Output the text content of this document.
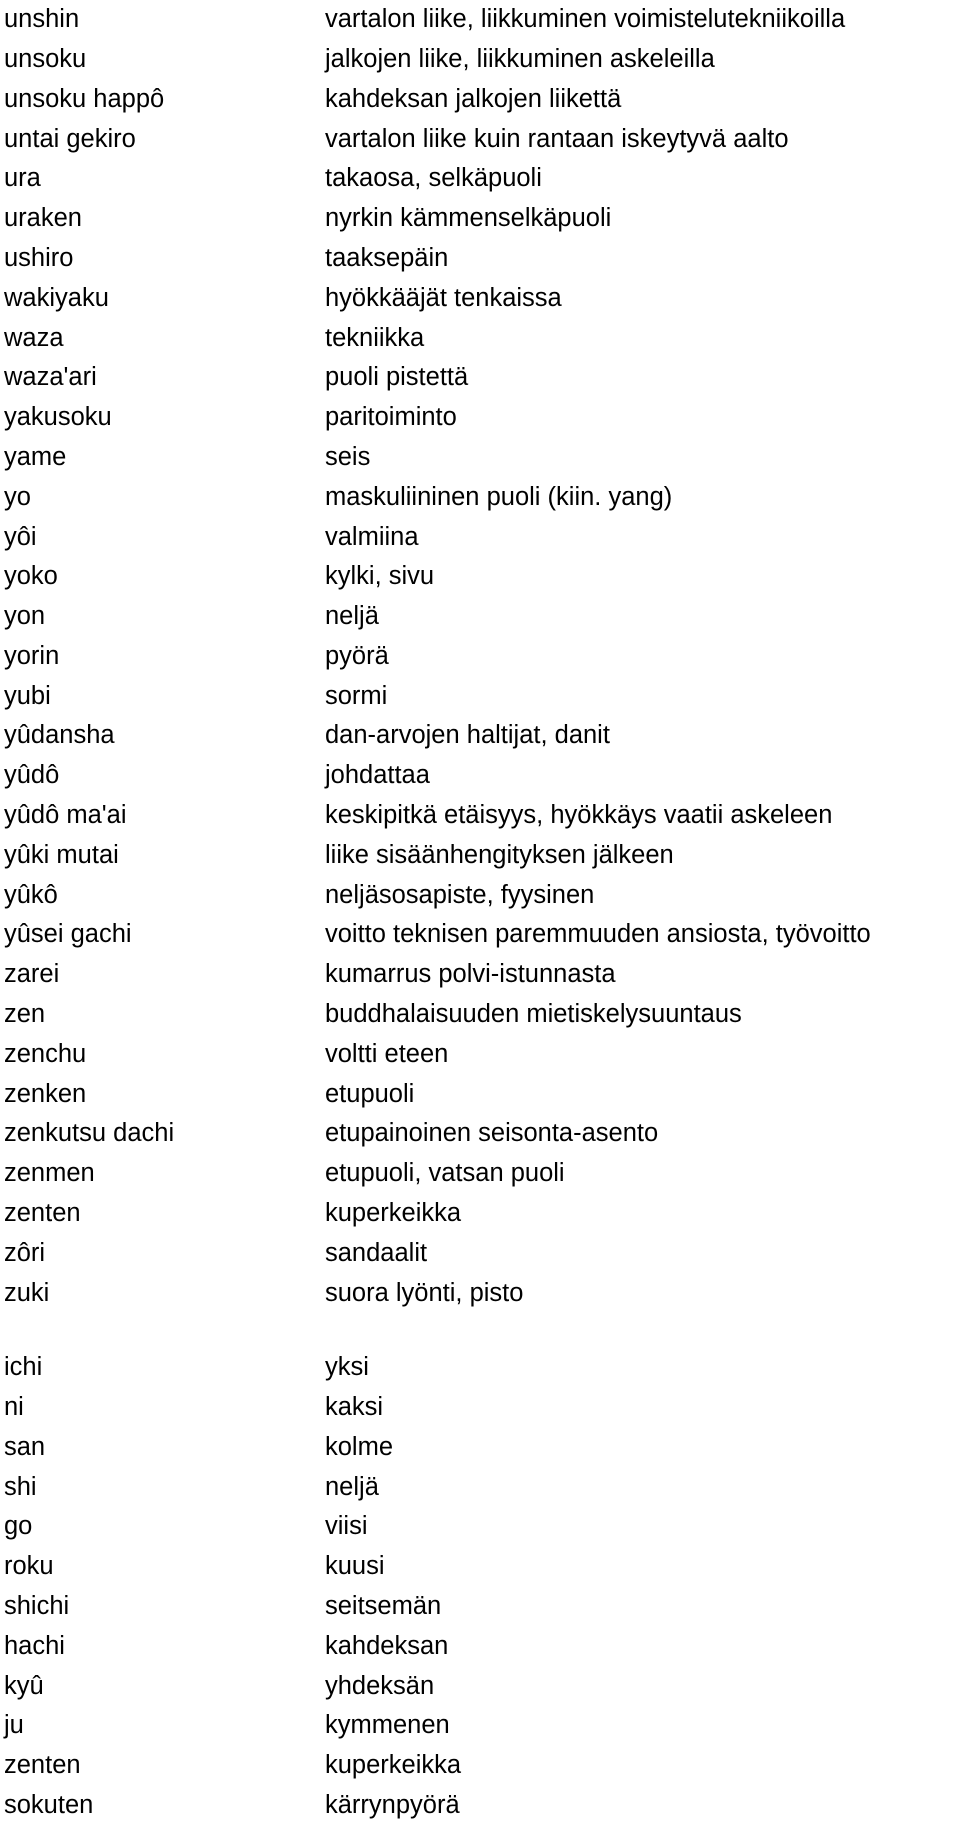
unshin	vartalon liike, liikkuminen voimistelutekniikoilla
unsoku	jalkojen liike, liikkuminen askeleilla
unsoku happô	kahdeksan jalkojen liikettä
untai gekiro	vartalon liike kuin rantaan iskeytyvä aalto
ura	takaosa, selkäpuoli
uraken	nyrkin kämmenselkäpuoli
ushiro	taaksepäin
wakiyaku	hyökkääjät tenkaissa
waza	tekniikka
waza'ari	puoli pistettä
yakusoku	paritoiminto
yame	seis
yo	maskuliininen puoli (kiin. yang)
yôi	valmiina
yoko	kylki, sivu
yon	neljä
yorin	pyörä
yubi	sormi
yûdansha	dan-arvojen haltijat, danit
yûdô	johdattaa
yûdô ma'ai	keskipitkä etäisyys, hyökkäys vaatii askeleen
yûki mutai	liike sisäänhengityksen jälkeen
yûkô	neljäsosapiste, fyysinen
yûsei gachi	voitto teknisen paremmuuden ansiosta, työvoitto
zarei	kumarrus polvi-istunnasta
zen	buddhalaisuuden mietiskelysuuntaus
zenchu	voltti eteen
zenken	etupuoli
zenkutsu dachi	etupainoinen seisonta-asento
zenmen	etupuoli, vatsan puoli
zenten	kuperkeikka
zôri	sandaalit
zuki	suora lyönti, pisto
ichi	yksi
ni	kaksi
san	kolme
shi	neljä
go	viisi
roku	kuusi
shichi	seitsemän
hachi	kahdeksan
kyû	yhdeksän
ju	kymmenen
zenten	kuperkeikka
sokuten	kärrynpyörä
